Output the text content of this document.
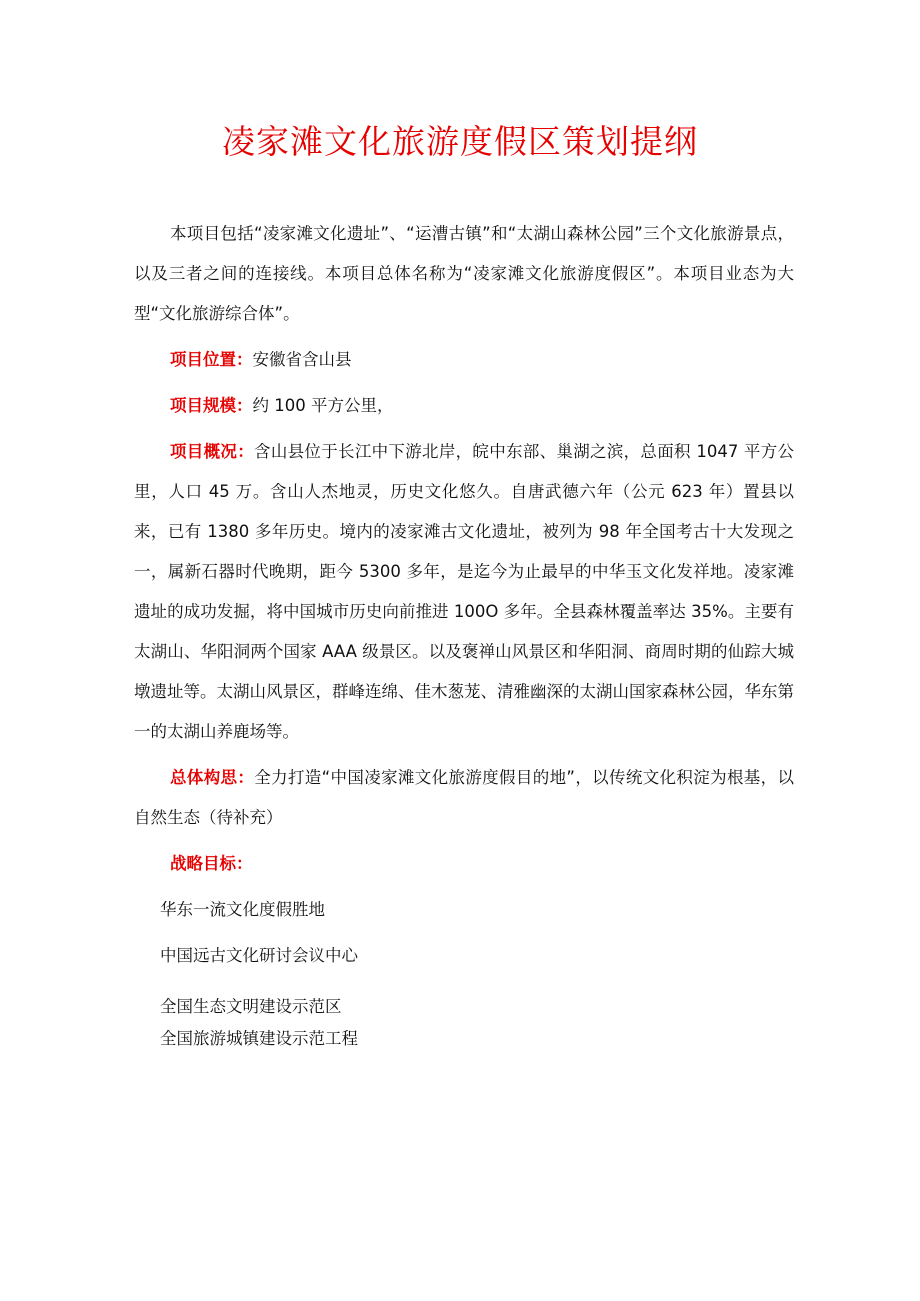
凌家滩文化旅游度假区策划提纲

本项目包括“凌家滩文化遗址”、“运漕古镇”和“太湖山森林公园”三个文化旅游景点，以及三者之间的连接线。本项目总体名称为“凌家滩文化旅游度假区”。本项目业态为大型“文化旅游综合体”。

项目位置：安徽省含山县

项目规模：约 100 平方公里，

项目概况：含山县位于长江中下游北岸，皖中东部、巢湖之滨，总面积 1047 平方公里，人口 45 万。含山人杰地灵，历史文化悠久。自唐武德六年（公元 623 年）置县以来，已有 1380 多年历史。境内的凌家滩古文化遗址，被列为 98 年全国考古十大发现之一，属新石器时代晚期，距今 5300 多年，是迄今为止最早的中华玉文化发祥地。凌家滩遗址的成功发掘，将中国城市历史向前推进 100O 多年。全县森林覆盖率达 35%。主要有太湖山、华阳洞两个国家 AAA 级景区。以及褒禅山风景区和华阳洞、商周时期的仙踪大城墩遗址等。太湖山风景区，群峰连绵、佳木葱茏、清雅幽深的太湖山国家森林公园，华东第一的太湖山养鹿场等。

总体构思：全力打造“中国凌家滩文化旅游度假目的地”，以传统文化积淀为根基，以自然生态（待补充）

战略目标：

华东一流文化度假胜地
中国远古文化研讨会议中心
全国生态文明建设示范区
全国旅游城镇建设示范工程
